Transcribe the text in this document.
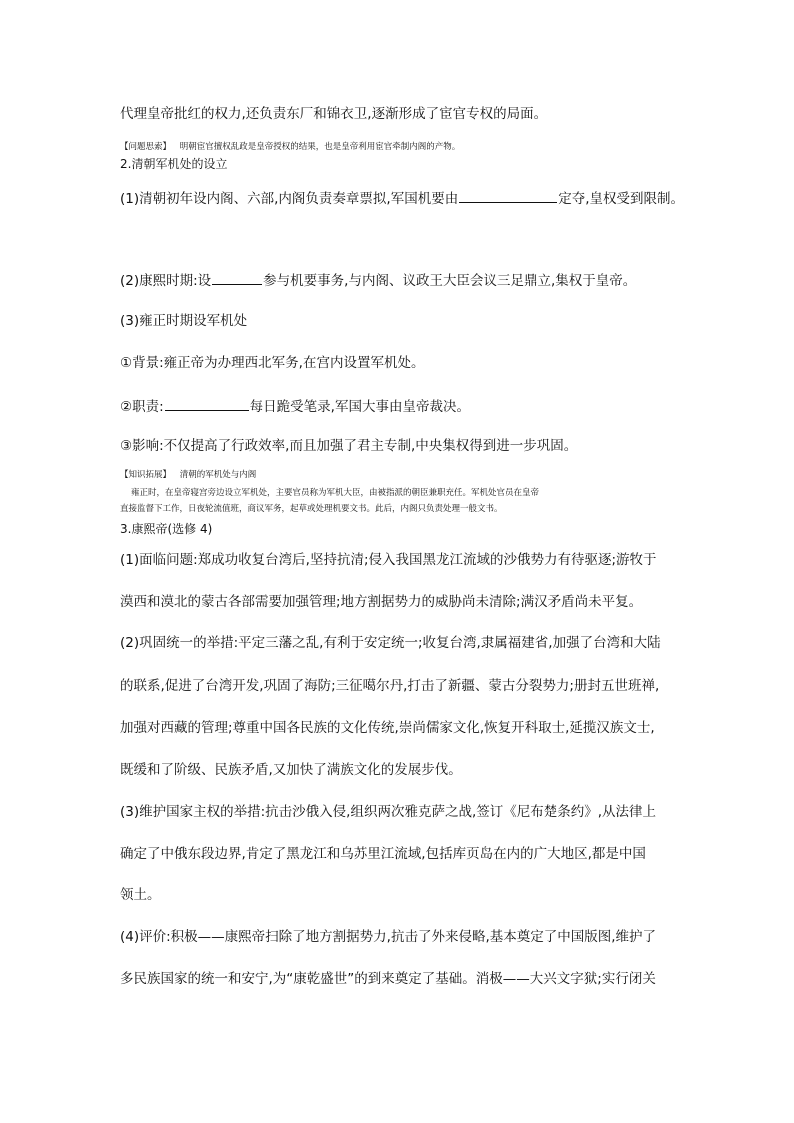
代理皇帝批红的权力,还负责东厂和锦衣卫,逐渐形成了宦官专权的局面。
【问题思索】 明朝宦官擅权乱政是皇帝授权的结果，也是皇帝利用宦官牵制内阁的产物。
2.清朝军机处的设立
(1)清朝初年设内阁、六部,内阁负责奏章票拟,军国机要由	定夺,皇权受到限制。
(2)康熙时期:设	参与机要事务,与内阁、议政王大臣会议三足鼎立,集权于皇帝。
(3)雍正时期设军机处
①背景:雍正帝为办理西北军务,在宫内设置军机处。
②职责:	每日跪受笔录,军国大事由皇帝裁决。
③影响:不仅提高了行政效率,而且加强了君主专制,中央集权得到进一步巩固。
【知识拓展】 清朝的军机处与内阁
雍正时，在皇帝寝宫旁边设立军机处，主要官员称为军机大臣，由被指派的朝臣兼职充任。军机处官员在皇帝
直接监督下工作，日夜轮流值班，商议军务，起草或处理机要文书。此后，内阁只负责处理一般文书。
3.康熙帝(选修 4)
(1)面临问题:郑成功收复台湾后,坚持抗清;侵入我国黑龙江流域的沙俄势力有待驱逐;游牧于
漠西和漠北的蒙古各部需要加强管理;地方割据势力的威胁尚未清除;满汉矛盾尚未平复。
(2)巩固统一的举措:平定三藩之乱,有利于安定统一;收复台湾,隶属福建省,加强了台湾和大陆
的联系,促进了台湾开发,巩固了海防;三征噶尔丹,打击了新疆、蒙古分裂势力;册封五世班禅,
加强对西藏的管理;尊重中国各民族的文化传统,崇尚儒家文化,恢复开科取士,延揽汉族文士,
既缓和了阶级、民族矛盾,又加快了满族文化的发展步伐。
(3)维护国家主权的举措:抗击沙俄入侵,组织两次雅克萨之战,签订《尼布楚条约》,从法律上
确定了中俄东段边界,肯定了黑龙江和乌苏里江流域,包括库页岛在内的广大地区,都是中国
领土。
(4)评价:积极——康熙帝扫除了地方割据势力,抗击了外来侵略,基本奠定了中国版图,维护了
多民族国家的统一和安宁,为“康乾盛世”的到来奠定了基础。消极——大兴文字狱;实行闭关
